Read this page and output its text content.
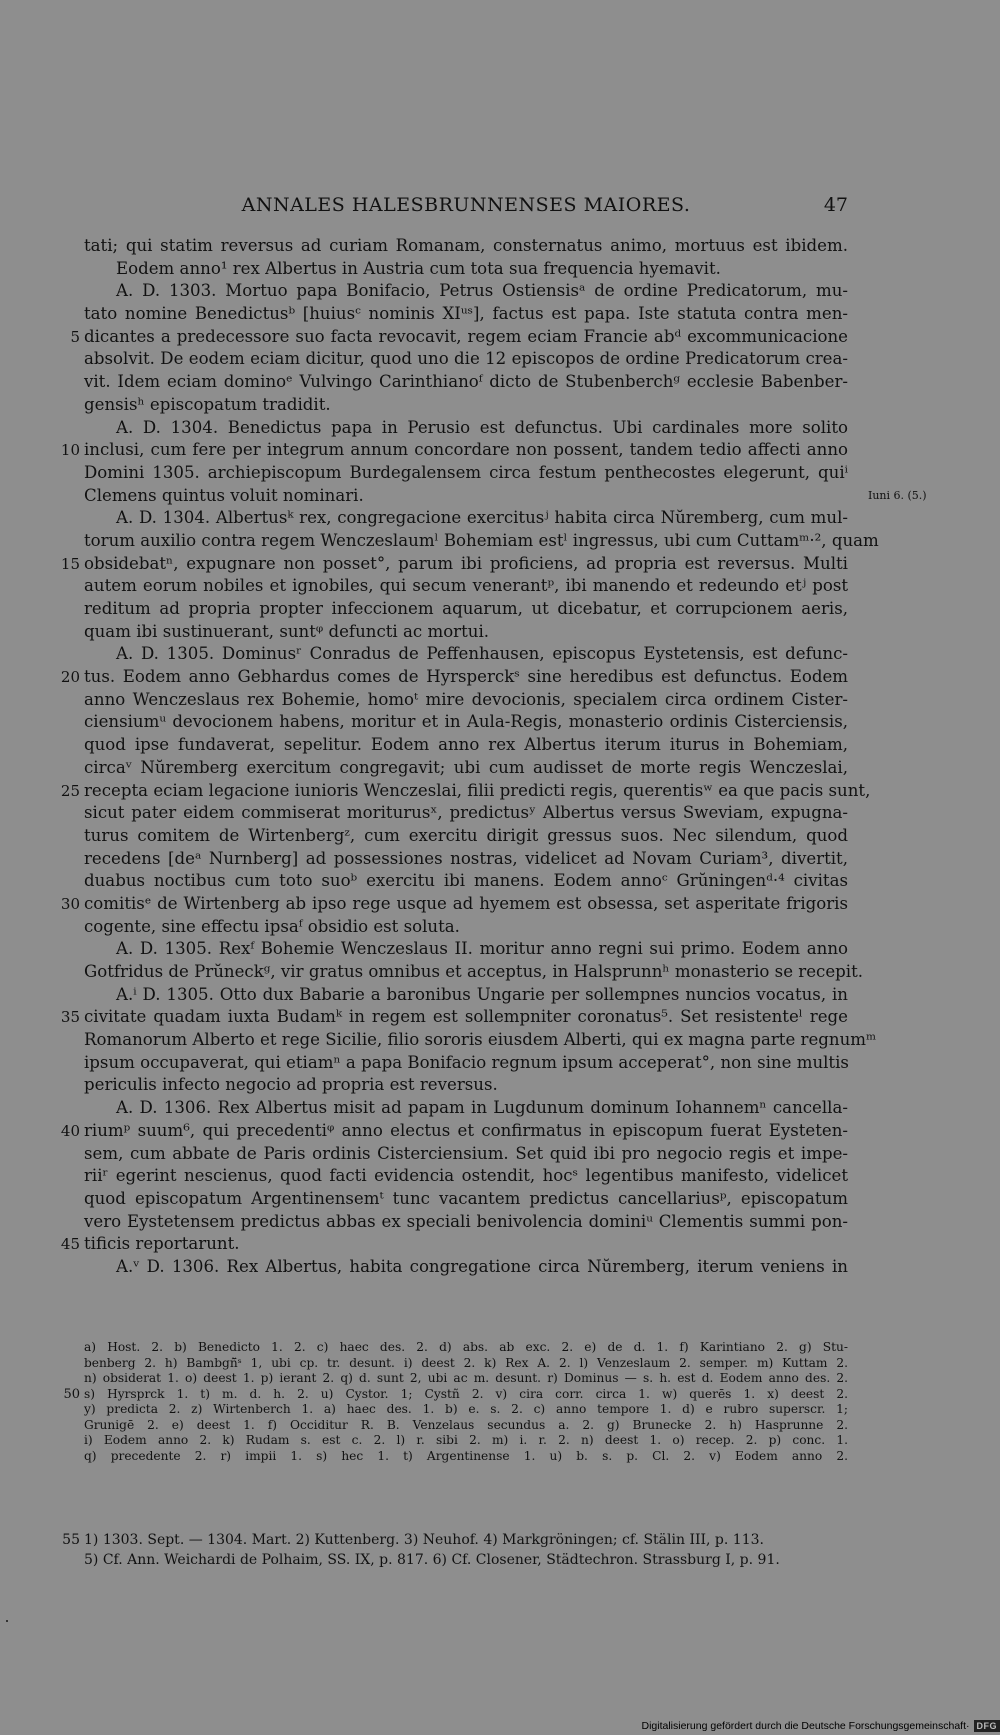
ANNALES HALESBRUNNENSES MAIORES.	47
tati; qui statim reversus ad curiam Romanam, consternatus animo, mortuus est ibidem.
Eodem anno¹ rex Albertus in Austria cum tota sua frequencia hyemavit.
A. D. 1303. Mortuo papa Bonifacio, Petrus Ostiensisᵃ de ordine Predicatorum, mu-
tato nomine Benedictusᵇ [huiusᶜ nominis XIᵘˢ], factus est papa. Iste statuta contra men-
5 dicantes a predecessore suo facta revocavit, regem eciam Francie abᵈ excommunicacione
absolvit. De eodem eciam dicitur, quod uno die 12 episcopos de ordine Predicatorum crea-
vit. Idem eciam dominoᵉ Vulvingo Carinthianoᶠ dicto de Stubenberchᵍ ecclesie Babenber-
gensisʰ episcopatum tradidit.
A. D. 1304. Benedictus papa in Perusio est defunctus. Ubi cardinales more solito
10 inclusi, cum fere per integrum annum concordare non possent, tandem tedio affecti anno
Domini 1305. archiepiscopum Burdegalensem circa festum penthecostes elegerunt, quiⁱ
Iuni 6. (5.)
Clemens quintus voluit nominari.
A. D. 1304. Albertusᵏ rex, congregacione exercitusʲ habita circa Nŭremberg, cum mul-
torum auxilio contra regem Wenczeslaumˡ Bohemiam estˡ ingressus, ubi cum Cuttamᵐ·², quam
15 obsidebatⁿ, expugnare non posset°, parum ibi proficiens, ad propria est reversus. Multi
autem eorum nobiles et ignobiles, qui secum venerantᵖ, ibi manendo et redeundo etʲ post
reditum ad propria propter infeccionem aquarum, ut dicebatur, et corrupcionem aeris,
quam ibi sustinuerant, suntᵠ defuncti ac mortui.
A. D. 1305. Dominusʳ Conradus de Peffenhausen, episcopus Eystetensis, est defunc-
20 tus. Eodem anno Gebhardus comes de Hyrsperckˢ sine heredibus est defunctus. Eodem
anno Wenczeslaus rex Bohemie, homoᵗ mire devocionis, specialem circa ordinem Cister-
ciensiumᵘ devocionem habens, moritur et in Aula-Regis, monasterio ordinis Cisterciensis,
quod ipse fundaverat, sepelitur. Eodem anno rex Albertus iterum iturus in Bohemiam,
circaᵛ Nŭremberg exercitum congregavit; ubi cum audisset de morte regis Wenczeslai,
25 recepta eciam legacione iunioris Wenczeslai, filii predicti regis, querentisʷ ea que pacis sunt,
sicut pater eidem commiserat moriturusˣ, predictusʸ Albertus versus Sweviam, expugna-
turus comitem de Wirtenbergᶻ, cum exercitu dirigit gressus suos. Nec silendum, quod
recedens [deᵃ Nurnberg] ad possessiones nostras, videlicet ad Novam Curiam³, divertit,
duabus noctibus cum toto suoᵇ exercitu ibi manens. Eodem annoᶜ Grŭningenᵈ·⁴ civitas
30 comitisᵉ de Wirtenberg ab ipso rege usque ad hyemem est obsessa, set asperitate frigoris
cogente, sine effectu ipsaᶠ obsidio est soluta.
A. D. 1305. Rexᶠ Bohemie Wenczeslaus II. moritur anno regni sui primo. Eodem anno
Gotfridus de Prŭneckᵍ, vir gratus omnibus et acceptus, in Halsprunnʰ monasterio se recepit.
A.ⁱ D. 1305. Otto dux Babarie a baronibus Ungarie per sollempnes nuncios vocatus, in
35 civitate quadam iuxta Budamᵏ in regem est sollempniter coronatus⁵. Set resistenteˡ rege
Romanorum Alberto et rege Sicilie, filio sororis eiusdem Alberti, qui ex magna parte regnumᵐ
ipsum occupaverat, qui etiamⁿ a papa Bonifacio regnum ipsum acceperat°, non sine multis
periculis infecto negocio ad propria est reversus.
A. D. 1306. Rex Albertus misit ad papam in Lugdunum dominum Iohannemⁿ cancella-
40 riumᵖ suum⁶, qui precedentiᵠ anno electus et confirmatus in episcopum fuerat Eysteten-
sem, cum abbate de Paris ordinis Cisterciensium. Set quid ibi pro negocio regis et impe-
riiʳ egerint nescienus, quod facti evidencia ostendit, hocˢ legentibus manifesto, videlicet
quod episcopatum Argentinensemᵗ tunc vacantem predictus cancellariusᵖ, episcopatum
vero Eystetensem predictus abbas ex speciali benivolencia dominiᵘ Clementis summi pon-
45 tificis reportarunt.
A.ᵛ D. 1306. Rex Albertus, habita congregatione circa Nŭremberg, iterum veniens in
a) Host. 2. b) Benedicto 1. 2. c) haec des. 2. d) abs. ab exc. 2. e) de d. 1. f) Karintiano 2. g) Stu-
benberg 2. h) Bambgñ̄ˢ 1, ubi cp. tr. desunt. i) deest 2. k) Rex A. 2. l) Venzeslaum 2. semper. m) Kuttam 2.
n) obsiderat 1. o) deest 1. p) ierant 2. q) d. sunt 2, ubi ac m. desunt. r) Dominus — s. h. est d. Eodem anno des. 2.
50 s) Hyrsprck 1. t) m. d. h. 2. u) Cystor. 1; Cystñ 2. v) cira corr. circa 1. w) querēs 1. x) deest 2.
y) predicta 2. z) Wirtenberch 1. a) haec des. 1. b) e. s. 2. c) anno tempore 1. d) e rubro superscr. 1;
Grunigē 2. e) deest 1. f) Occiditur R. B. Venzelaus secundus a. 2. g) Brunecke 2. h) Hasprunne 2.
i) Eodem anno 2. k) Rudam s. est c. 2. l) r. sibi 2. m) i. r. 2. n) deest 1. o) recep. 2. p) conc. 1.
q) precedente 2. r) impii 1. s) hec 1. t) Argentinense 1. u) b. s. p. Cl. 2. v) Eodem anno 2.
55 1) 1303. Sept. — 1304. Mart. 2) Kuttenberg. 3) Neuhof. 4) Markgröningen; cf. Stälin III, p. 113.
5) Cf. Ann. Weichardi de Polhaim, SS. IX, p. 817. 6) Cf. Closener, Städtechron. Strassburg I, p. 91.
Digitalisierung gefördert durch die Deutsche Forschungsgemeinschaft · DFG
